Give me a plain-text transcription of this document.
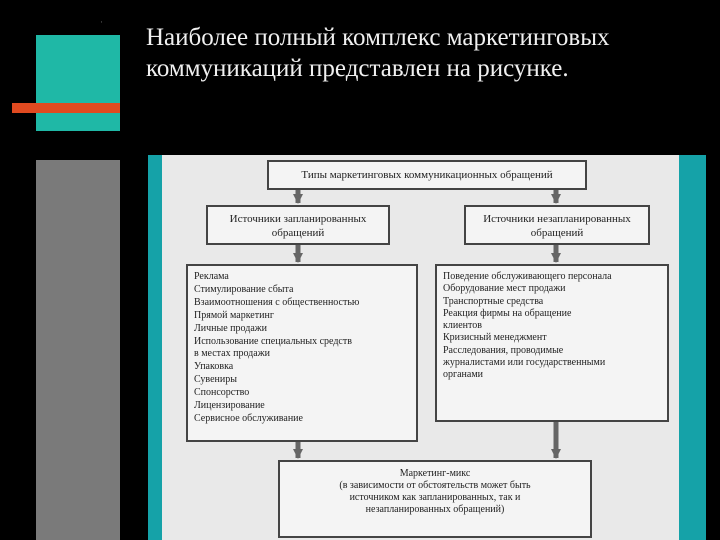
·
Наиболее полный комплекс маркетинговых
коммуникаций представлен на рисунке.
Типы маркетинговых коммуникационных обращений
Источники запланированных
обращений
Источники незапланированных
обращений
Реклама
Стимулирование сбыта
Взаимоотношения с общественностью
Прямой маркетинг
Личные продажи
Использование специальных средств
в местах продажи
Упаковка
Сувениры
Спонсорство
Лицензирование
Сервисное обслуживание
Поведение обслуживающего персонала
Оборудование мест продажи
Транспортные средства
Реакция фирмы на обращение
клиентов
Кризисный менеджмент
Расследования, проводимые
журналистами или государственными
органами
Маркетинг-микс
(в зависимости от обстоятельств может быть
источником как запланированных, так и
незапланированных обращений)
